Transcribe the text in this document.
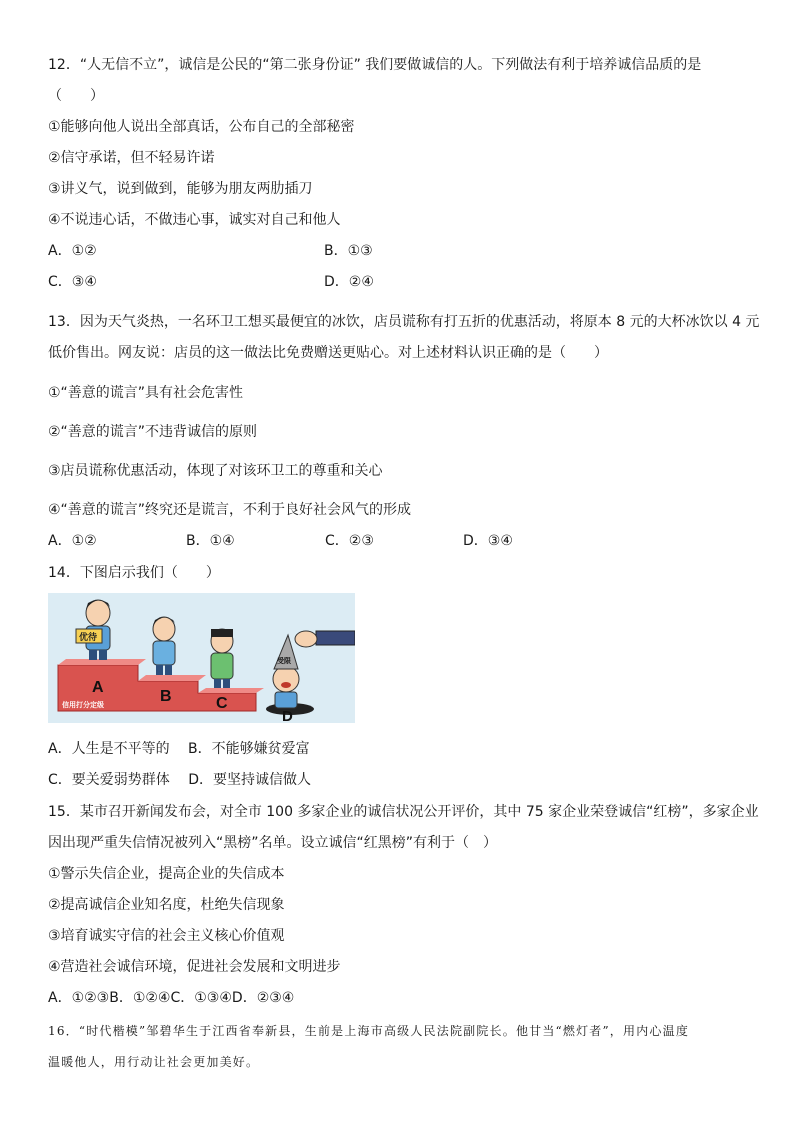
12．“人无信不立”，诚信是公民的“第二张身份证” 我们要做诚信的人。下列做法有利于培养诚信品质的是
（　　）
①能够向他人说出全部真话，公布自己的全部秘密
②信守承诺，但不轻易许诺
③讲义气，说到做到，能够为朋友两肋插刀
④不说违心话，不做违心事，诚实对自己和他人
A．①②	B．①③
C．③④	D．②④
13．因为天气炎热，一名环卫工想买最便宜的冰饮，店员谎称有打五折的优惠活动，将原本 8 元的大杯冰饮以 4 元
低价售出。网友说：店员的这一做法比免费赠送更贴心。对上述材料认识正确的是（　　）
①“善意的谎言”具有社会危害性
②“善意的谎言”不违背诚信的原则
③店员谎称优惠活动，体现了对该环卫工的尊重和关心
④“善意的谎言”终究还是谎言，不利于良好社会风气的形成
A．①②	B．①④	C．②③	D．③④
14．下图启示我们（　　）
A
B	C
信用打分定级
优待
受限
D
A．人生是不平等的　 B．不能够嫌贫爱富
C．要关爱弱势群体　 D．要坚持诚信做人
15．某市召开新闻发布会，对全市 100 多家企业的诚信状况公开评价，其中 75 家企业荣登诚信“红榜”，多家企业
因出现严重失信情况被列入“黑榜”名单。设立诚信“红黑榜”有利于（　）
①警示失信企业，提高企业的失信成本
②提高诚信企业知名度，杜绝失信现象
③培育诚实守信的社会主义核心价值观
④营造社会诚信环境，促进社会发展和文明进步
A．①②③B．①②④C．①③④D．②③④
16．“时代楷模”邹碧华生于江西省奉新县，生前是上海市高级人民法院副院长。他甘当“燃灯者”，用内心温度
温暖他人，用行动让社会更加美好。
